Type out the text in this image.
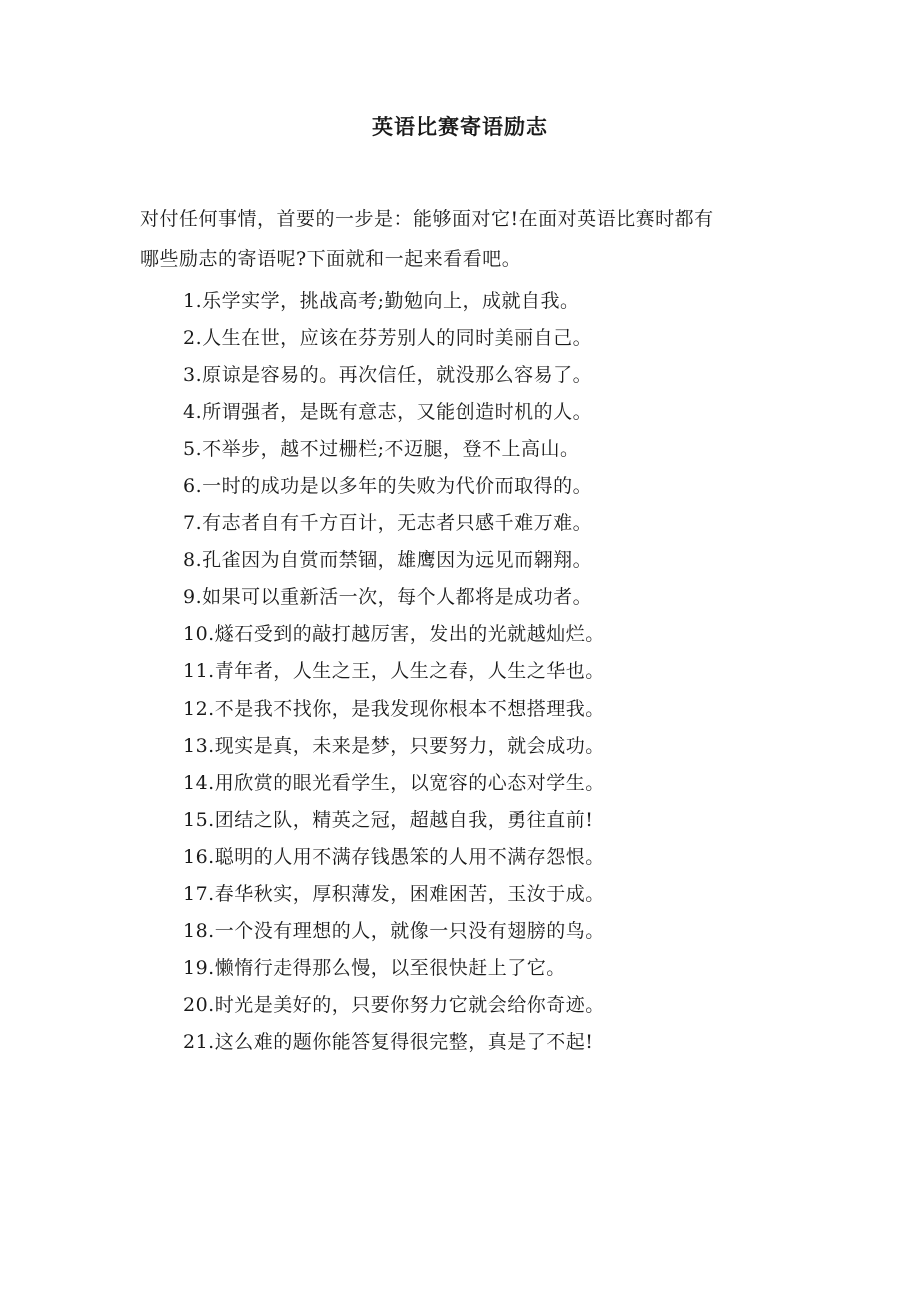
英语比赛寄语励志
对付任何事情，首要的一步是：能够面对它!在面对英语比赛时都有
哪些励志的寄语呢?下面就和一起来看看吧。
1.乐学实学，挑战高考;勤勉向上，成就自我。
2.人生在世，应该在芬芳别人的同时美丽自己。
3.原谅是容易的。再次信任，就没那么容易了。
4.所谓强者，是既有意志，又能创造时机的人。
5.不举步，越不过栅栏;不迈腿，登不上高山。
6.一时的成功是以多年的失败为代价而取得的。
7.有志者自有千方百计，无志者只感千难万难。
8.孔雀因为自赏而禁锢，雄鹰因为远见而翱翔。
9.如果可以重新活一次，每个人都将是成功者。
10.燧石受到的敲打越厉害，发出的光就越灿烂。
11.青年者，人生之王，人生之春，人生之华也。
12.不是我不找你，是我发现你根本不想搭理我。
13.现实是真，未来是梦，只要努力，就会成功。
14.用欣赏的眼光看学生，以宽容的心态对学生。
15.团结之队，精英之冠，超越自我，勇往直前!
16.聪明的人用不满存钱愚笨的人用不满存怨恨。
17.春华秋实，厚积薄发，困难困苦，玉汝于成。
18.一个没有理想的人，就像一只没有翅膀的鸟。
19.懒惰行走得那么慢，以至很快赶上了它。
20.时光是美好的，只要你努力它就会给你奇迹。
21.这么难的题你能答复得很完整，真是了不起!
